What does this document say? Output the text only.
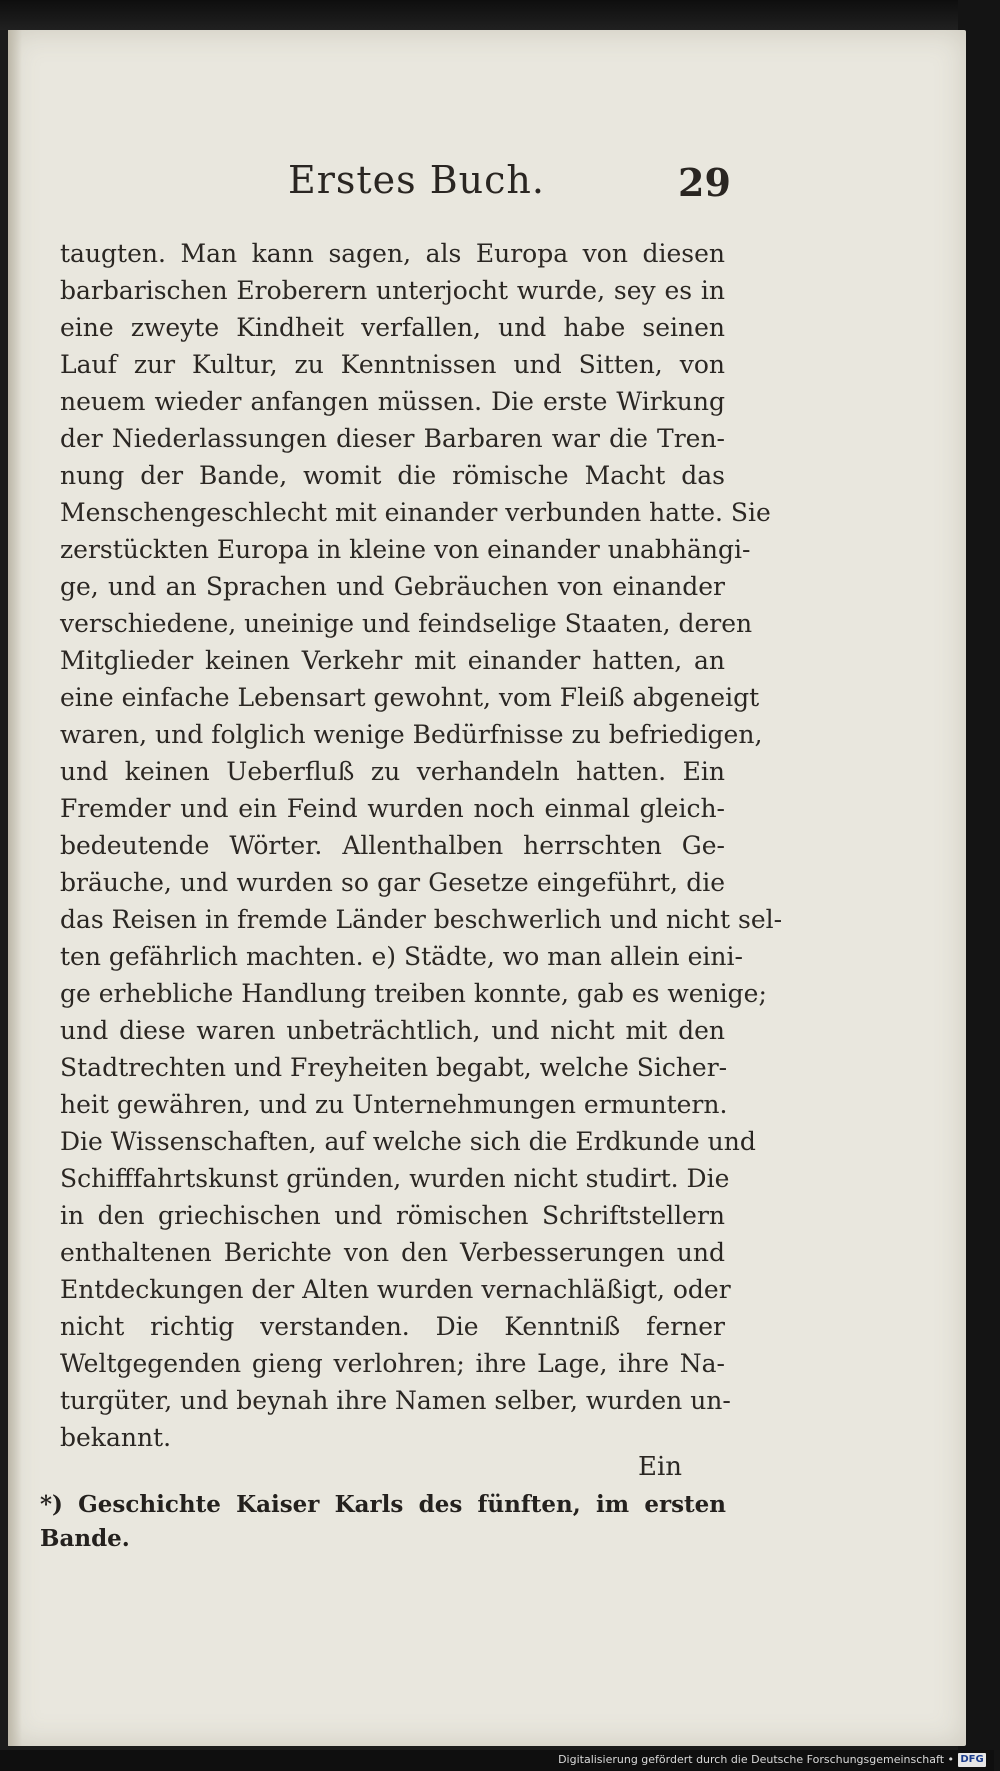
Erstes Buch.	29
taugten. Man kann sagen, als Europa von diesen
barbarischen Eroberern unterjocht wurde, sey es in
eine zweyte Kindheit verfallen, und habe seinen
Lauf zur Kultur, zu Kenntnissen und Sitten, von
neuem wieder anfangen müssen. Die erste Wirkung
der Niederlassungen dieser Barbaren war die Tren-
nung der Bande, womit die römische Macht das
Menschengeschlecht mit einander verbunden hatte. Sie
zerstückten Europa in kleine von einander unabhängi-
ge, und an Sprachen und Gebräuchen von einander
verschiedene, uneinige und feindselige Staaten, deren
Mitglieder keinen Verkehr mit einander hatten, an
eine einfache Lebensart gewohnt, vom Fleiß abgeneigt
waren, und folglich wenige Bedürfnisse zu befriedigen,
und keinen Ueberfluß zu verhandeln hatten. Ein
Fremder und ein Feind wurden noch einmal gleich-
bedeutende Wörter. Allenthalben herrschten Ge-
bräuche, und wurden so gar Gesetze eingeführt, die
das Reisen in fremde Länder beschwerlich und nicht sel-
ten gefährlich machten. e) Städte, wo man allein eini-
ge erhebliche Handlung treiben konnte, gab es wenige;
und diese waren unbeträchtlich, und nicht mit den
Stadtrechten und Freyheiten begabt, welche Sicher-
heit gewähren, und zu Unternehmungen ermuntern.
Die Wissenschaften, auf welche sich die Erdkunde und
Schifffahrtskunst gründen, wurden nicht studirt. Die
in den griechischen und römischen Schriftstellern
enthaltenen Berichte von den Verbesserungen und
Entdeckungen der Alten wurden vernachläßigt, oder
nicht richtig verstanden. Die Kenntniß ferner
Weltgegenden gieng verlohren; ihre Lage, ihre Na-
turgüter, und beynah ihre Namen selber, wurden un-
bekannt.
Ein
*) Geschichte Kaiser Karls des fünften, im ersten
Bande.
Digitalisierung gefördert durch die Deutsche Forschungsgemeinschaft • DFG
